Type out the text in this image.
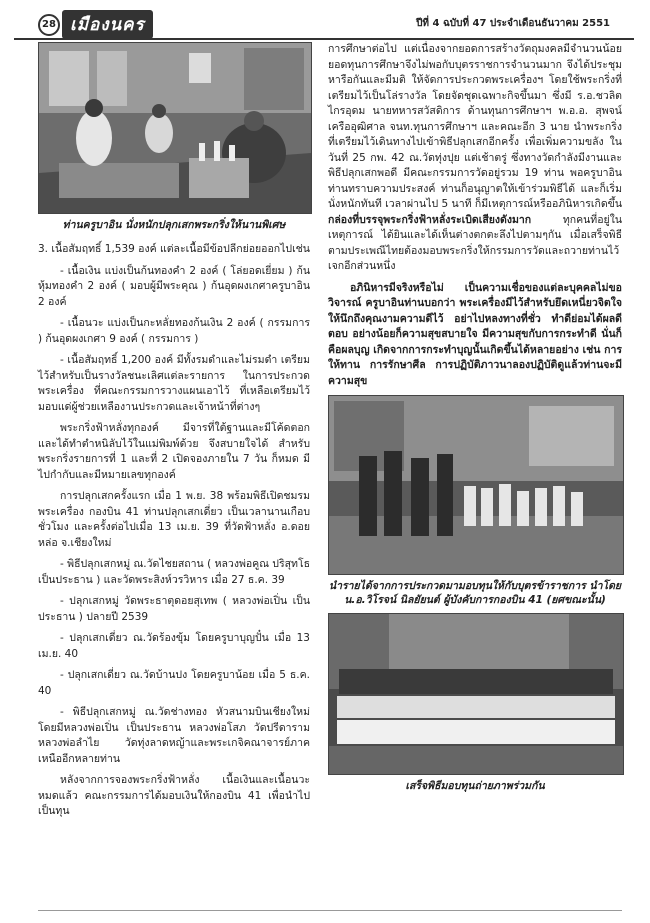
28 เมืองนคร	ปีที่ 4 ฉบับที่ 47 ประจำเดือนธันวาคม 2551
ท่านครูบาอิน นั่งหนักปลุกเสกพระกริ่งให้นานพิเศษ

3. เนื้อสัมฤทธิ์ 1,539 องค์ แต่ละเนื้อมีข้อปลีกย่อยออกไปเช่น

- เนื้อเงิน แบ่งเป็นก้นทองคำ 2 องค์ ( โล่ยอดเยี่ยม ) ก้นหุ้มทองคำ 2 องค์ ( มอบผู้มีพระคุณ ) ก้นอุดผงเกศาครูบาอิน 2 องค์

- เนื้อนวะ แบ่งเป็นกะหลั่ยทองก้นเงิน 2 องค์ ( กรรมการ ) ก้นอุดผงเกศา 9 องค์ ( กรรมการ )

- เนื้อสัมฤทธิ์ 1,200 องค์ มีทั้งรมดำและไม่รมดำ เตรียมไว้สำหรับเป็นรางวัลชนะเลิศแต่ละรายการ ในการประกวดพระเครื่อง ที่คณะกรรมการวางแผนเอาไว้ ที่เหลือเตรียมไว้มอบแด่ผู้ช่วยเหลืองานประกวดและเจ้าหน้าที่ต่างๆ

พระกริ่งฟ้าหลั่งทุกองค์ มีจารที่ใต้ฐานและมีโค้ดตอก และได้ทำตำหนิลับไว้ในแม่พิมพ์ด้วย จึงสบายใจได้ สำหรับพระกริ่งรายการที่ 1 และที่ 2 เปิดจองภายใน 7 วัน ก็หมด มีไปกำกับและมีหมายเลขทุกองค์

การปลุกเสกครั้งแรก เมื่อ 1 พ.ย. 38 พร้อมพิธีเปิดชมรมพระเครื่อง กองบิน 41 ท่านปลุกเสกเดี่ยว เป็นเวลานานเกือบชั่วโมง และครั้งต่อไปเมื่อ 13 เม.ย. 39 ที่วัดฟ้าหลั่ง อ.ดอยหล่อ จ.เชียงใหม่

- พิธีปลุกเสกหมู่ ณ.วัดไชยสถาน ( หลวงพ่อคูณ ปริสุทโธ เป็นประธาน ) และวัดพระสิงห์วรวิหาร เมื่อ 27 ธ.ค. 39

- ปลุกเสกหมู่ วัดพระธาตุดอยสุเทพ ( หลวงพ่อเปิ่น เป็นประธาน ) ปลายปี 2539

- ปลุกเสกเดี่ยว ณ.วัดร้องขุ้ม โดยครูบาบุญปั๋น เมื่อ 13 เม.ย. 40

- ปลุกเสกเดี่ยว ณ.วัดบ้านปง โดยครูบาน้อย เมื่อ 5 ธ.ค. 40

- พิธีปลุกเสกหมู่ ณ.วัดช่างทอง หัวสนามบินเชียงใหม่ โดยมีหลวงพ่อเปิ่น เป็นประธาน หลวงพ่อโสภ วัดปรีดาราม หลวงพ่อลำไย วัดทุ่งลาดหญ้าและพระเกจิคณาจารย์ภาคเหนืออีกหลายท่าน

หลังจากการจองพระกริ่งฟ้าหลั่ง เนื้อเงินและเนื้อนวะหมดแล้ว คณะกรรมการได้มอบเงินให้กองบิน 41 เพื่อนำไปเป็นทุน

การศึกษาต่อไป แต่เนื่องจากยอดการสร้างวัตถุมงคลมีจำนวนน้อย ยอดทุนการศึกษาจึงไม่พอกับบุตรราชการจำนวนมาก จึงได้ประชุมหารือกันและมีมติ ให้จัดการประกวดพระเครื่องฯ โดยใช้พระกริ่งที่เตรียมไว้เป็นโล่รางวัล โดยจัดชุดเฉพาะกิจขึ้นมา ซึ่งมี ร.อ.ชวลิต ไกรอุดม นายทหารสวัสดิการ ด้านทุนการศึกษาฯ พ.อ.อ. สุพจน์ เครืออุฒิศาล จนท.ทุนการศึกษาฯ และคณะอีก 3 นาย นำพระกริ่งที่เตรียมไว้เดินทางไปเข้าพิธีปลุกเสกอีกครั้ง เพื่อเพิ่มความขลัง ในวันที่ 25 กพ. 42 ณ.วัดทุ่งปุย แต่เช้าตรู่ ซึ่งทางวัดกำลังมีงานและพิธีปลุกเสกพอดี มีคณะกรรมการวัดอยู่รวม 19 ท่าน พอครูบาอินท่านทราบความประสงค์ ท่านก็อนุญาตให้เข้าร่วมพิธีได้ และก็เริ่มนั่งหนักทันที เวลาผ่านไป 5 นาที ก็มีเหตุการณ์หรืออภินิหารเกิดขึ้น กล่องที่บรรจุพระกริ่งฟ้าหลั่งระเบิดเสียงดังมาก	ทุกคนที่อยู่ในเหตุการณ์ ได้ยินและได้เห็นต่างตกตะลึงไปตามๆกัน เมื่อเสร็จพิธี ตามประเพณีไทยต้องมอบพระกริ่งให้กรรมการวัดและถวายท่านไว้เจกอีกส่วนหนึ่ง

อภินิหารมีจริงหรือไม่ เป็นความเชื่อของแต่ละบุคคลไม่ขอวิจารณ์ ครูบาอินท่านบอกว่า พระเครื่องมีไว้สำหรับยึดเหนี่ยวจิตใจ ให้นึกถึงคุณงามความดีไว้ อย่าไปหลงทางที่ชั่ว ทำดีย่อมได้ผลดีตอบ อย่างน้อยก็ความสุขสบายใจ มีความสุขกับการกระทำดี นั่นก็คือผลบุญ เกิดจากการกระทำบุญนั้นเกิดขึ้นได้หลายอย่าง เช่น การให้ทาน การรักษาศีล การปฏิบัติภาวนาลองปฏิบัติดูแล้วท่านจะมีความสุข

นำรายได้จากการประกวดมามอบทุนให้กับบุตรข้าราชการ นำโดย น.อ.วิโรจน์ นิลยัยนต์ ผู้บังคับการกองบิน 41 (ยศขณะนั้น)
เสร็จพิธีมอบทุนถ่ายภาพร่วมกัน
